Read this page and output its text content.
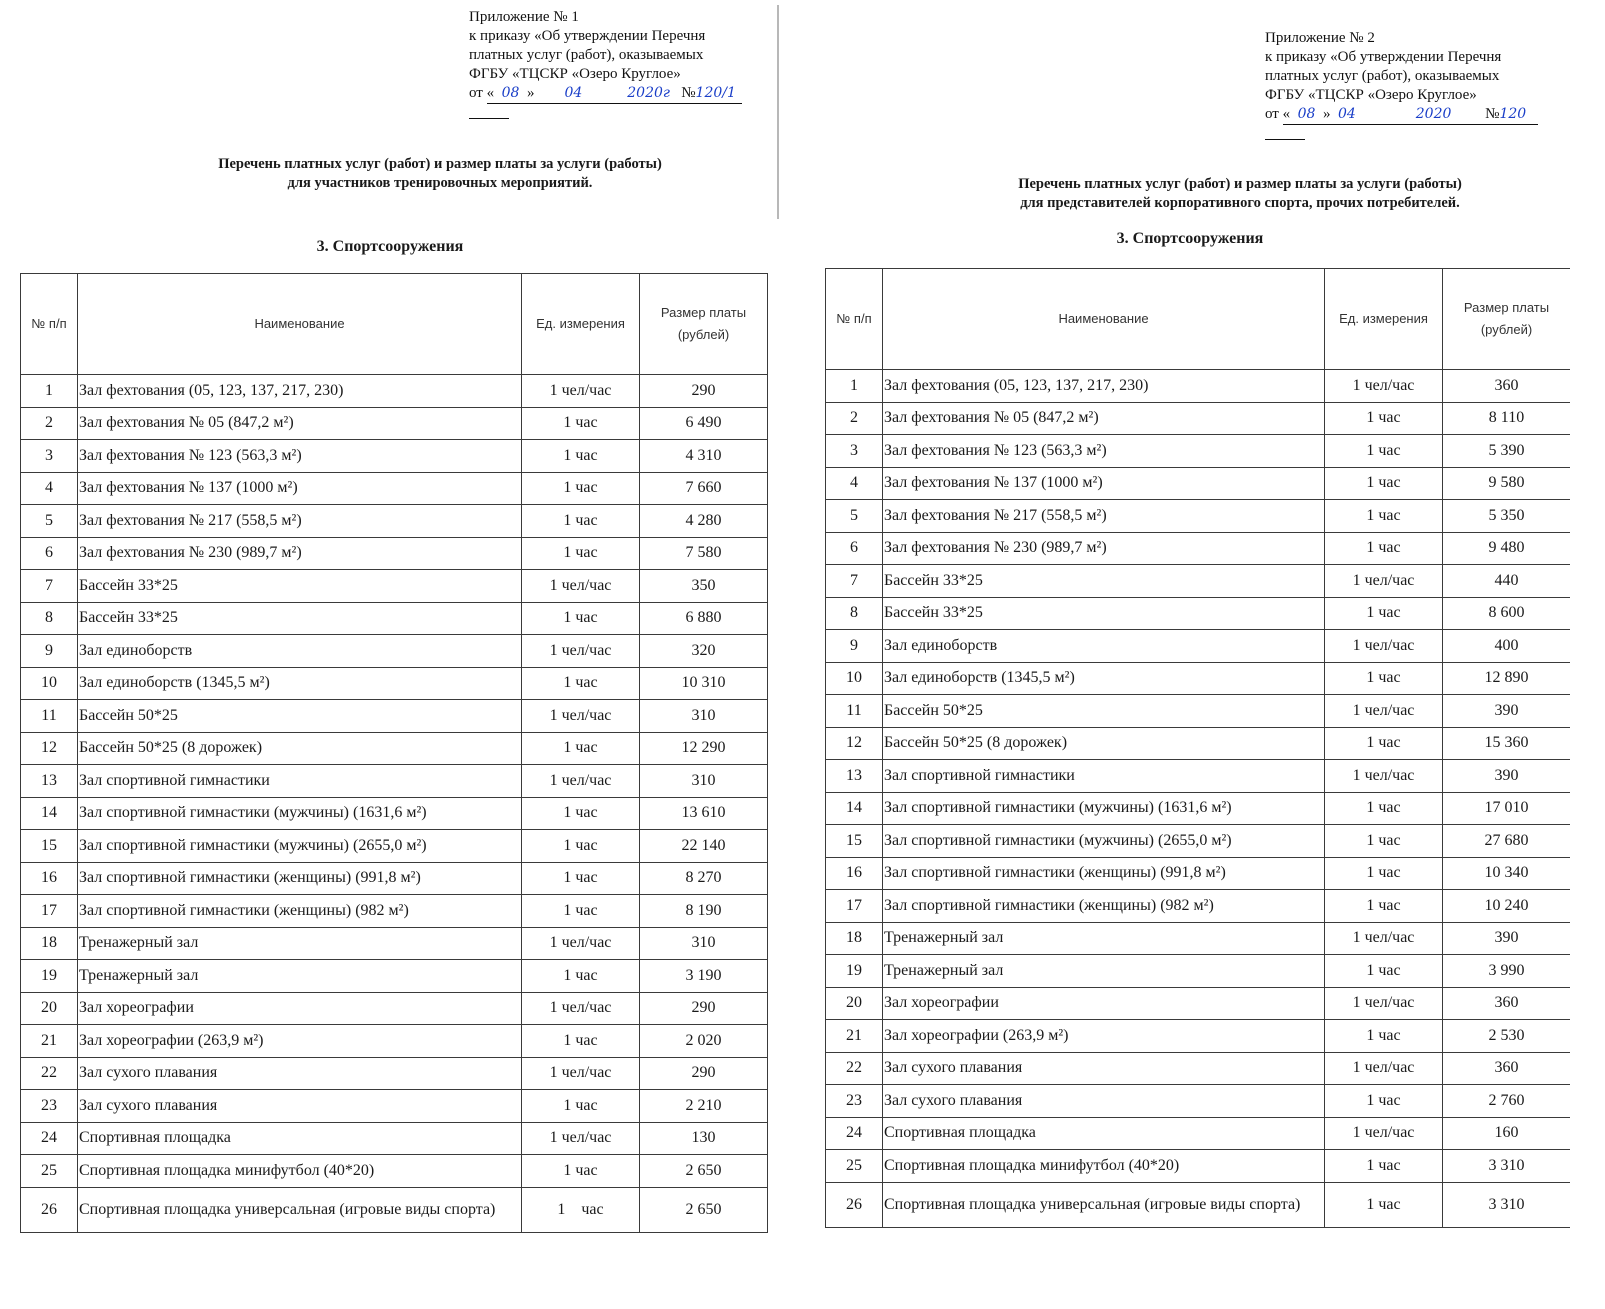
Приложение № 1
к приказу «Об утверждении Перечня
платных услуг (работ), оказываемых
ФГБУ «ТЦСКР «Озеро Круглое»
от «  08  »        04	2020г №120/1
Перечень платных услуг (работ) и размер платы за услуги (работы)
для участников тренировочных мероприятий.
3. Спортсооружения
№ п/п	Наименование	Ед. измерения	Размер платы (рублей)
1	Зал фехтования (05, 123, 137, 217, 230)	1 чел/час	290
2	Зал фехтования № 05 (847,2 м²)	1 час	6 490
3	Зал фехтования № 123 (563,3 м²)	1 час	4 310
4	Зал фехтования № 137 (1000 м²)	1 час	7 660
5	Зал фехтования № 217 (558,5 м²)	1 час	4 280
6	Зал фехтования № 230 (989,7 м²)	1 час	7 580
7	Бассейн 33*25	1 чел/час	350
8	Бассейн 33*25	1 час	6 880
9	Зал единоборств	1 чел/час	320
10	Зал единоборств (1345,5 м²)	1 час	10 310
11	Бассейн 50*25	1 чел/час	310
12	Бассейн 50*25 (8 дорожек)	1 час	12 290
13	Зал спортивной гимнастики	1 чел/час	310
14	Зал спортивной гимнастики (мужчины) (1631,6 м²)	1 час	13 610
15	Зал спортивной гимнастики (мужчины) (2655,0 м²)	1 час	22 140
16	Зал спортивной гимнастики (женщины) (991,8 м²)	1 час	8 270
17	Зал спортивной гимнастики (женщины) (982 м²)	1 час	8 190
18	Тренажерный зал	1 чел/час	310
19	Тренажерный зал	1 час	3 190
20	Зал хореографии	1 чел/час	290
21	Зал хореографии (263,9 м²)	1 час	2 020
22	Зал сухого плавания	1 чел/час	290
23	Зал сухого плавания	1 час	2 210
24	Спортивная площадка	1 чел/час	130
25	Спортивная площадка минифутбол (40*20)	1 час	2 650
26	Спортивная площадка универсальная (игровые виды спорта)	1    час	2 650
Приложение № 2
к приказу «Об утверждении Перечня
платных услуг (работ), оказываемых
ФГБУ «ТЦСКР «Озеро Круглое»
от «  08  »  04	2020 №120
Перечень платных услуг (работ) и размер платы за услуги (работы)
для представителей корпоративного спорта, прочих потребителей.
3. Спортсооружения
№ п/п	Наименование	Ед. измерения	Размер платы (рублей)
1	Зал фехтования (05, 123, 137, 217, 230)	1 чел/час	360
2	Зал фехтования № 05 (847,2 м²)	1 час	8 110
3	Зал фехтования № 123 (563,3 м²)	1 час	5 390
4	Зал фехтования № 137 (1000 м²)	1 час	9 580
5	Зал фехтования № 217 (558,5 м²)	1 час	5 350
6	Зал фехтования № 230 (989,7 м²)	1 час	9 480
7	Бассейн 33*25	1 чел/час	440
8	Бассейн 33*25	1 час	8 600
9	Зал единоборств	1 чел/час	400
10	Зал единоборств (1345,5 м²)	1 час	12 890
11	Бассейн 50*25	1 чел/час	390
12	Бассейн 50*25 (8 дорожек)	1 час	15 360
13	Зал спортивной гимнастики	1 чел/час	390
14	Зал спортивной гимнастики (мужчины) (1631,6 м²)	1 час	17 010
15	Зал спортивной гимнастики (мужчины) (2655,0 м²)	1 час	27 680
16	Зал спортивной гимнастики (женщины) (991,8 м²)	1 час	10 340
17	Зал спортивной гимнастики (женщины) (982 м²)	1 час	10 240
18	Тренажерный зал	1 чел/час	390
19	Тренажерный зал	1 час	3 990
20	Зал хореографии	1 чел/час	360
21	Зал хореографии (263,9 м²)	1 час	2 530
22	Зал сухого плавания	1 чел/час	360
23	Зал сухого плавания	1 час	2 760
24	Спортивная площадка	1 чел/час	160
25	Спортивная площадка минифутбол (40*20)	1 час	3 310
26	Спортивная площадка универсальная (игровые виды спорта)	1 час	3 310
